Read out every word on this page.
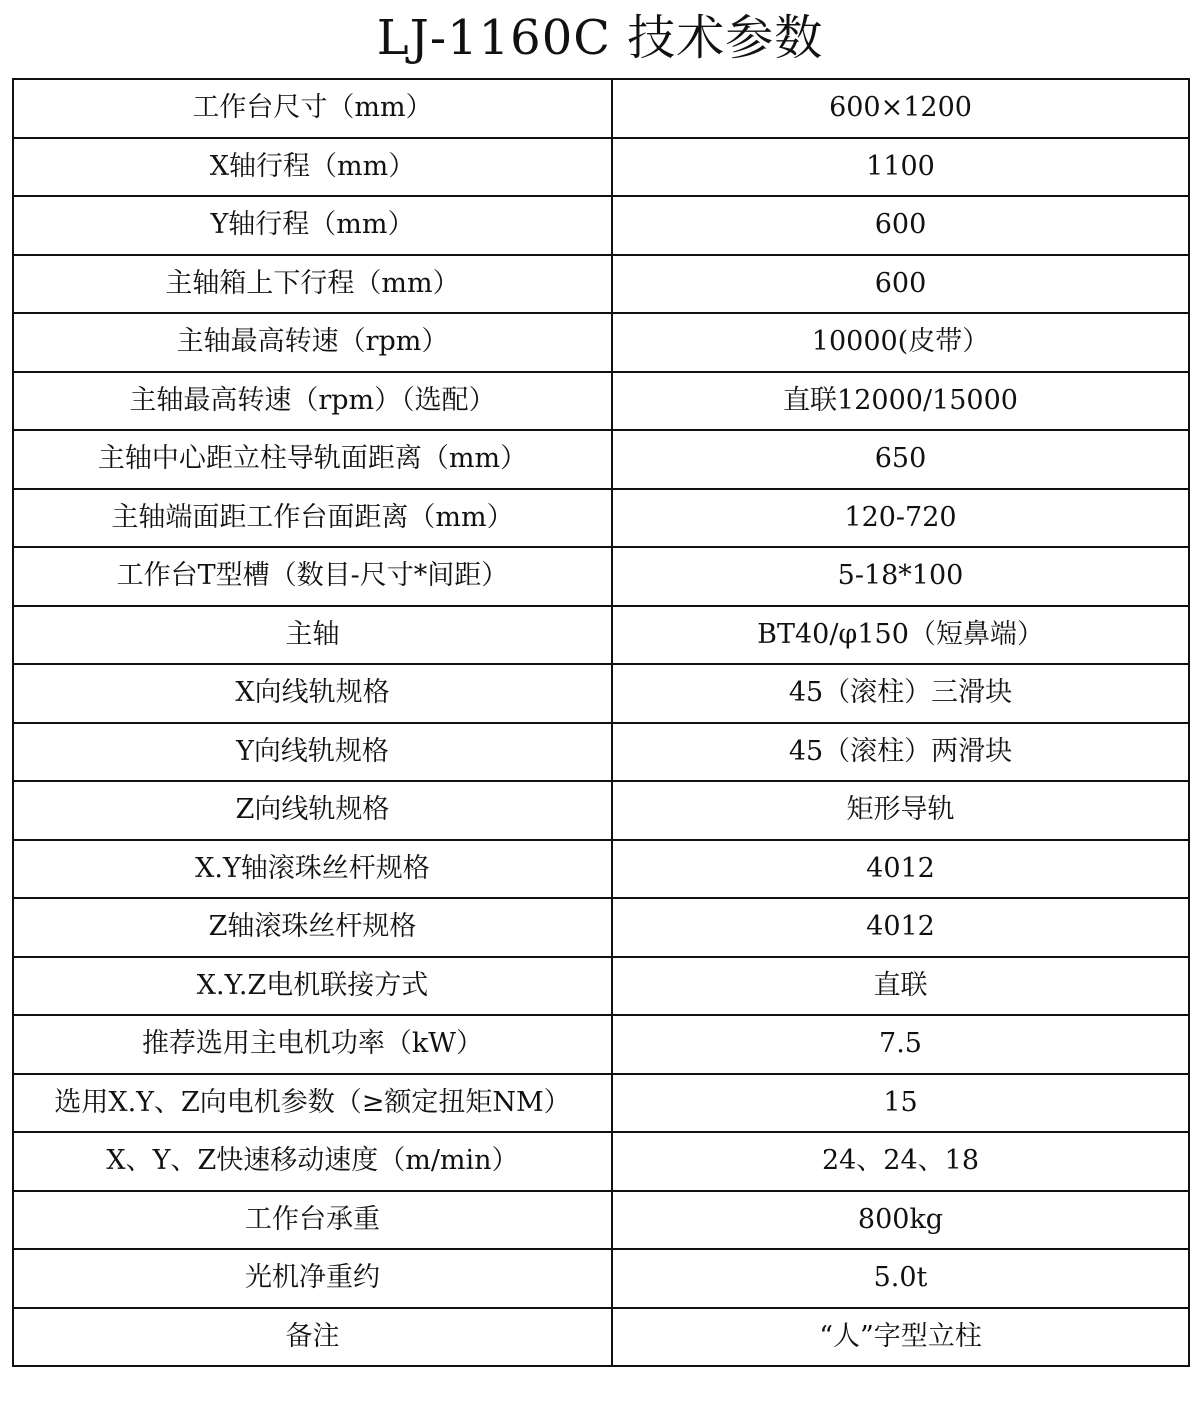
LJ-1160C 技术参数
工作台尺寸（mm）	600×1200
X轴行程（mm）	1100
Y轴行程（mm）	600
主轴箱上下行程（mm）	600
主轴最高转速（rpm）	10000(皮带）
主轴最高转速（rpm）（选配）	直联12000/15000
主轴中心距立柱导轨面距离（mm）	650
主轴端面距工作台面距离（mm）	120-720
工作台T型槽（数目-尺寸*间距）	5-18*100
主轴	BT40/φ150（短鼻端）
X向线轨规格	45（滚柱）三滑块
Y向线轨规格	45（滚柱）两滑块
Z向线轨规格	矩形导轨
X.Y轴滚珠丝杆规格	4012
Z轴滚珠丝杆规格	4012
X.Y.Z电机联接方式	直联
推荐选用主电机功率（kW）	7.5
选用X.Y、Z向电机参数（≥额定扭矩NM）	15
X、Y、Z快速移动速度（m/min）	24、24、18
工作台承重	800kg
光机净重约	5.0t
备注	“人”字型立柱
